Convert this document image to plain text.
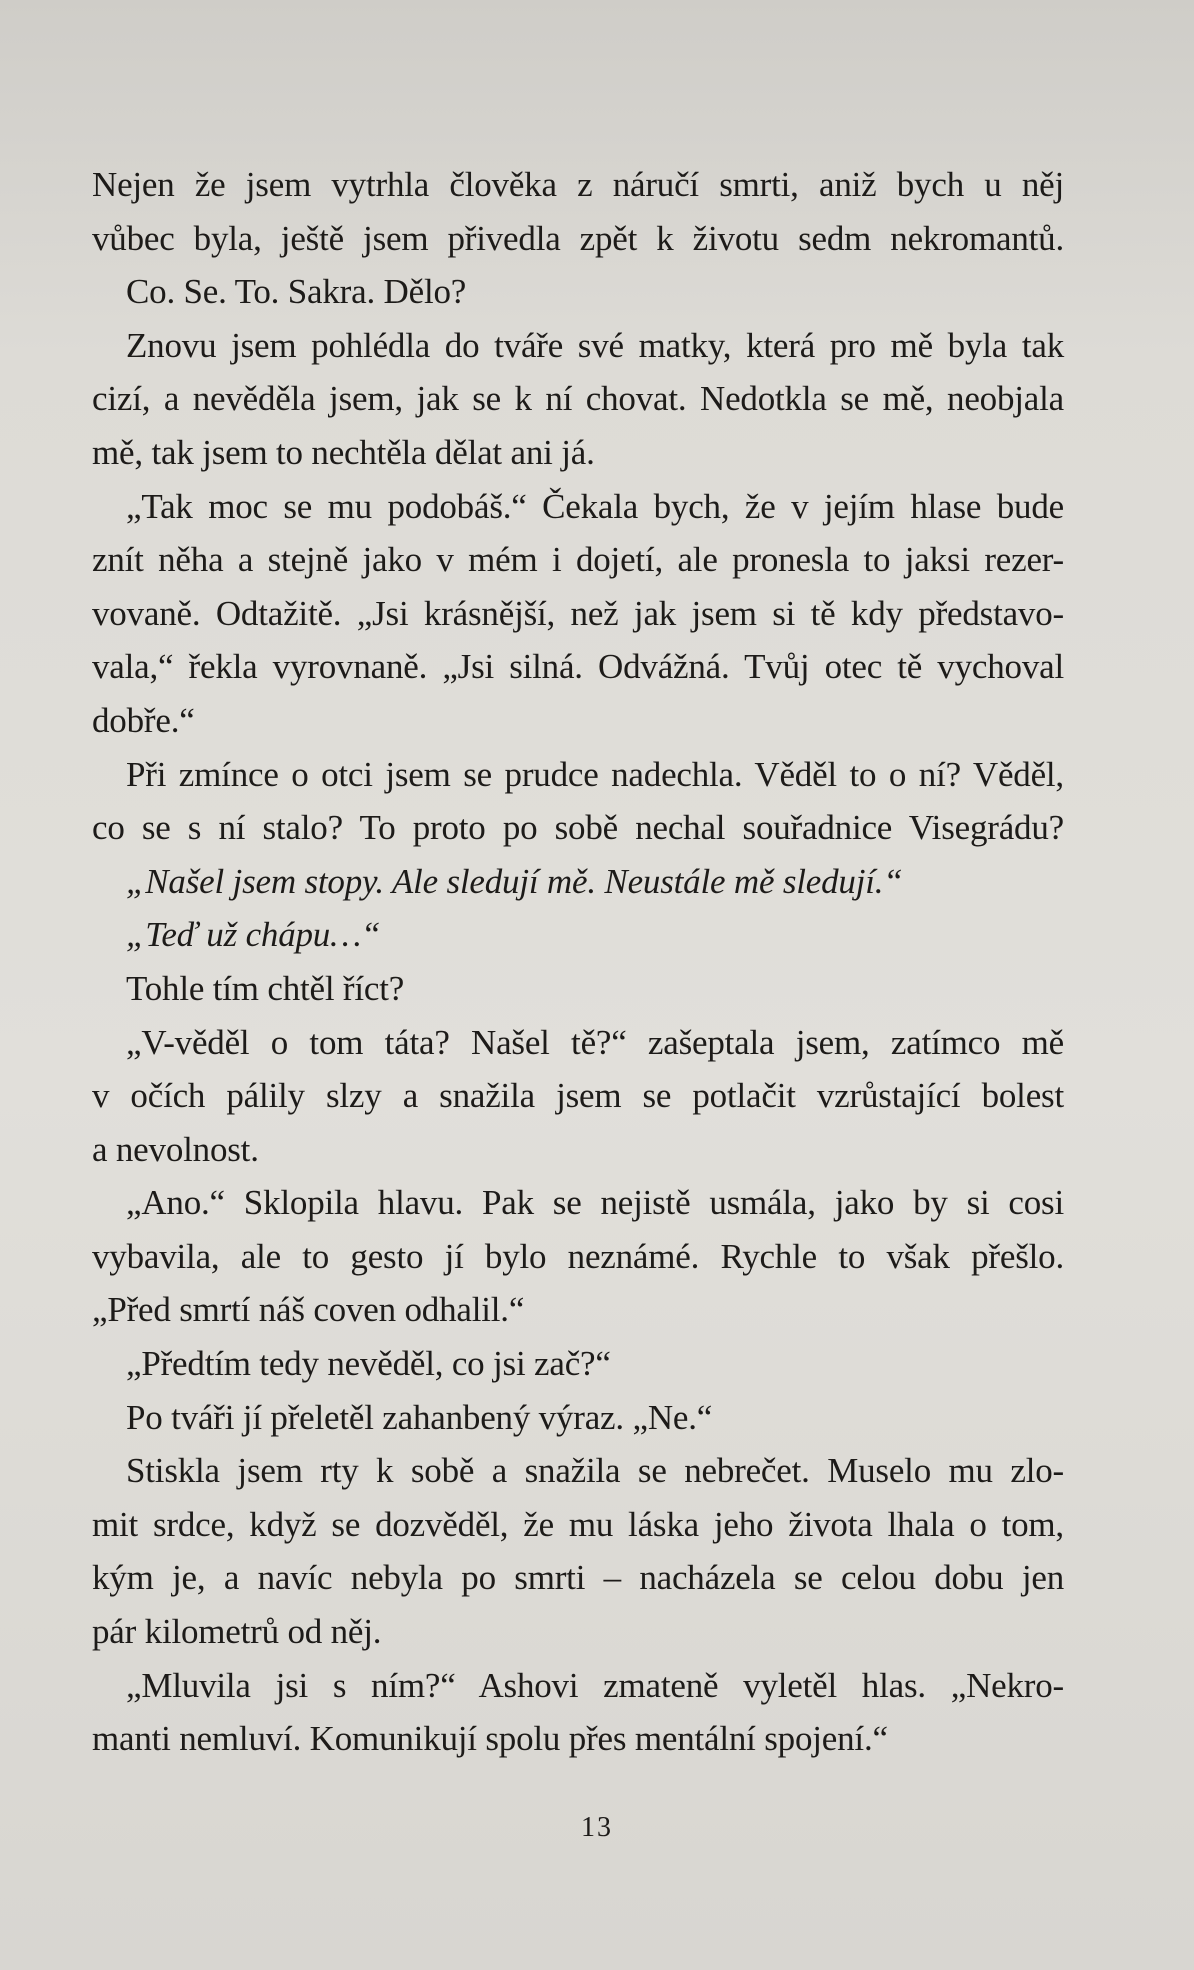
Nejen že jsem vytrhla člověka z náručí smrti, aniž bych u něj
vůbec byla, ještě jsem přivedla zpět k životu sedm nekromantů.
Co. Se. To. Sakra. Dělo?
Znovu jsem pohlédla do tváře své matky, která pro mě byla tak
cizí, a nevěděla jsem, jak se k ní chovat. Nedotkla se mě, neobjala
mě, tak jsem to nechtěla dělat ani já.
„Tak moc se mu podobáš.“ Čekala bych, že v jejím hlase bude
znít něha a stejně jako v mém i dojetí, ale pronesla to jaksi rezer-
vovaně. Odtažitě. „Jsi krásnější, než jak jsem si tě kdy představo-
vala,“ řekla vyrovnaně. „Jsi silná. Odvážná. Tvůj otec tě vychoval
dobře.“
Při zmínce o otci jsem se prudce nadechla. Věděl to o ní? Věděl,
co se s ní stalo? To proto po sobě nechal souřadnice Visegrádu?
„Našel jsem stopy. Ale sledují mě. Neustále mě sledují.“
„Teď už chápu…“
Tohle tím chtěl říct?
„V-věděl o tom táta? Našel tě?“ zašeptala jsem, zatímco mě
v očích pálily slzy a snažila jsem se potlačit vzrůstající bolest
a nevolnost.
„Ano.“ Sklopila hlavu. Pak se nejistě usmála, jako by si cosi
vybavila, ale to gesto jí bylo neznámé. Rychle to však přešlo.
„Před smrtí náš coven odhalil.“
„Předtím tedy nevěděl, co jsi zač?“
Po tváři jí přeletěl zahanbený výraz. „Ne.“
Stiskla jsem rty k sobě a snažila se nebrečet. Muselo mu zlo-
mit srdce, když se dozvěděl, že mu láska jeho života lhala o tom,
kým je, a navíc nebyla po smrti – nacházela se celou dobu jen
pár kilometrů od něj.
„Mluvila jsi s ním?“ Ashovi zmateně vyletěl hlas. „Nekro-
manti nemluví. Komunikují spolu přes mentální spojení.“
13
